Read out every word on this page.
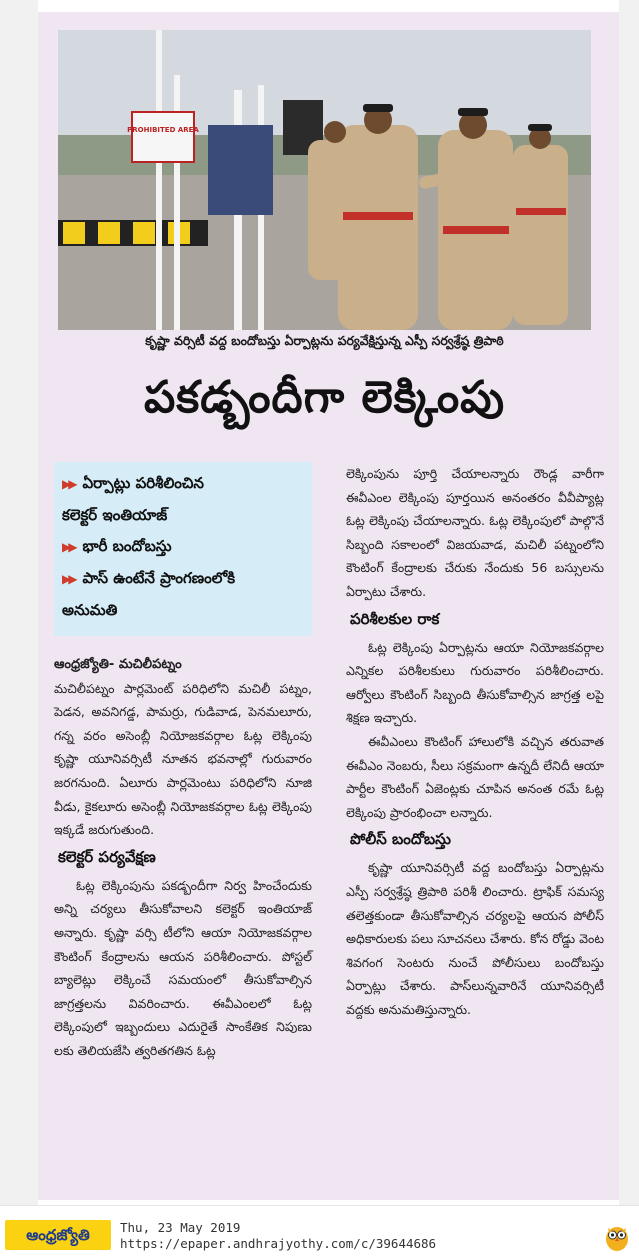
PROHIBITED AREA
కృష్ణా వర్సిటీ వద్ద బందోబస్తు ఏర్పాట్లను పర్యవేక్షిస్తున్న ఎస్పీ సర్వశ్రేష్ఠ త్రిపాఠి
పకడ్బందీగా లెక్కింపు
▶▶ ఏర్పాట్లు పరిశీలించిన
కలెక్టర్ ఇంతియాజ్
▶▶ భారీ బందోబస్తు
▶▶ పాస్ ఉంటేనే ప్రాంగణంలోకి
అనుమతి

ఆంధ్రజ్యోతి- మచిలీపట్నం

మచిలీపట్నం పార్లమెంట్ పరిధిలోని మచిలీ పట్నం, పెడన, అవనిగడ్డ, పామర్రు, గుడివాడ, పెనమలూరు, గన్న వరం అసెంబ్లీ నియోజకవర్గాల ఓట్ల లెక్కింపు కృష్ణా యూనివర్సిటీ నూతన భవనాల్లో గురువారం జరగనుంది. ఏలూరు పార్లమెంటు పరిధిలోని నూజి వీడు, కైకలూరు అసెంబ్లీ నియోజకవర్గాల ఓట్ల లెక్కింపు ఇక్కడే జరుగుతుంది.

కలెక్టర్ పర్యవేక్షణ

ఓట్ల లెక్కింపును పకడ్బందీగా నిర్వ హించేందుకు అన్ని చర్యలు తీసుకోవాలని కలెక్టర్ ఇంతియాజ్ అన్నారు. కృష్ణా వర్సి టీలోని ఆయా నియోజకవర్గాల కౌంటింగ్ కేంద్రాలను ఆయన పరిశీలించారు. పోస్టల్ బ్యాలెట్లు లెక్కించే సమయంలో తీసుకోవాల్సిన జాగ్రత్తలను వివరించారు. ఈవీఎంలలో ఓట్ల లెక్కింపులో ఇబ్బందులు ఎదురైతే సాంకేతిక నిపుణు లకు తెలియజేసి త్వరితగతిన ఓట్ల

లెక్కింపును పూర్తి చేయాలన్నారు రౌండ్ల వారీగా ఈవీఎంల లెక్కింపు పూర్తయిన అనంతరం వీవీప్యాట్ల ఓట్ల లెక్కింపు చేయాలన్నారు. ఓట్ల లెక్కింపులో పాల్గొనే సిబ్బంది సకాలంలో విజయవాడ, మచిలీ పట్నంలోని కౌంటింగ్ కేంద్రాలకు చేరుకు నేందుకు 56 బస్సులను ఏర్పాటు చేశారు.

పరిశీలకుల రాక

ఓట్ల లెక్కింపు ఏర్పాట్లను ఆయా నియోజకవర్గాల ఎన్నికల పరిశీలకులు గురువారం పరిశీలించారు. ఆర్వోలు కౌంటింగ్ సిబ్బంది తీసుకోవాల్సిన జాగ్రత్త లపై శిక్షణ ఇచ్చారు.

ఈవీఎంలు కౌంటింగ్ హాలులోకి వచ్చిన తరువాత ఈవీఎం నెంబరు, సీలు సక్రమంగా ఉన్నదీ లేనిదీ ఆయా పార్టీల కౌంటింగ్ ఏజెంట్లకు చూపిన అనంత రమే ఓట్ల లెక్కింపు ప్రారంభించా లన్నారు.

పోలీస్ బందోబస్తు

కృష్ణా యూనివర్సిటీ వద్ద బందోబస్తు ఏర్పాట్లను ఎస్పీ సర్వశ్రేష్ఠ త్రిపాఠి పరిశీ లించారు. ట్రాఫిక్ సమస్య తలెత్తకుండా తీసుకోవాల్సిన చర్యలపై ఆయన పోలీస్ అధికారులకు పలు సూచనలు చేశారు. కోన రోడ్డు వెంట శివగంగ సెంటరు నుంచే పోలీసులు బందోబస్తు ఏర్పాట్లు చేశారు. పాస్‌లున్నవారినే యూనివర్సిటీ వద్దకు అనుమతిస్తున్నారు.

ఆంధ్రజ్యోతి	Thu, 23 May 2019
https://epaper.andhrajyothy.com/c/39644686
